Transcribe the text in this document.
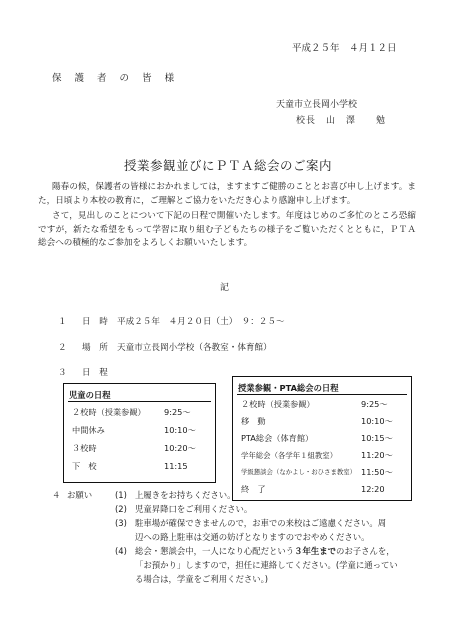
平成２５年　４月１２日
保 護 者 の 皆 様
天童市立長岡小学校
校長　山　澤　　勉
授業参観並びにＰＴＡ総会のご案内
陽春の候，保護者の皆様におかれましては，ますますご健勝のこととお喜び申し上げます。また，日頃より本校の教育に，ご理解とご協力をいただき心より感謝申し上げます。
さて，見出しのことについて下記の日程で開催いたします。年度はじめのご多忙のところ恐縮ですが，新たな希望をもって学習に取り組む子どもたちの様子をご覧いただくとともに，ＰＴＡ総会への積極的なご参加をよろしくお願いいたします。
記
１ 日　時 平成２５年　４月２０日（土）　９：２５～
２ 場　所 天童市立長岡小学校（各教室・体育館）
３ 日　程
児童の日程
２校時（授業参観） 9:25～
中間休み	10:10～
３校時	10:20～
下　校	11:15
授業参観・PTA総会の日程
２校時（授業参観）	9:25～
移　動	10:10～
PTA総会（体育館）	10:15～
学年総会（各学年１組教室）	11:20～
学級懇談会（なかよし・おひさま教室） 11:50～
終　了	12:20
４ お願い	(1) 上履きをお持ちください。
(2) 児童昇降口をご利用ください。
(3) 駐車場が確保できませんので，お車での来校はご遠慮ください。周
辺への路上駐車は交通の妨げとなりますのでおやめください。
(4) 総会・懇談会中，一人になり心配だという３年生までのお子さんを，
「お預かり」しますので，担任に連絡してください。(学童に通ってい
る場合は，学童をご利用ください。)
